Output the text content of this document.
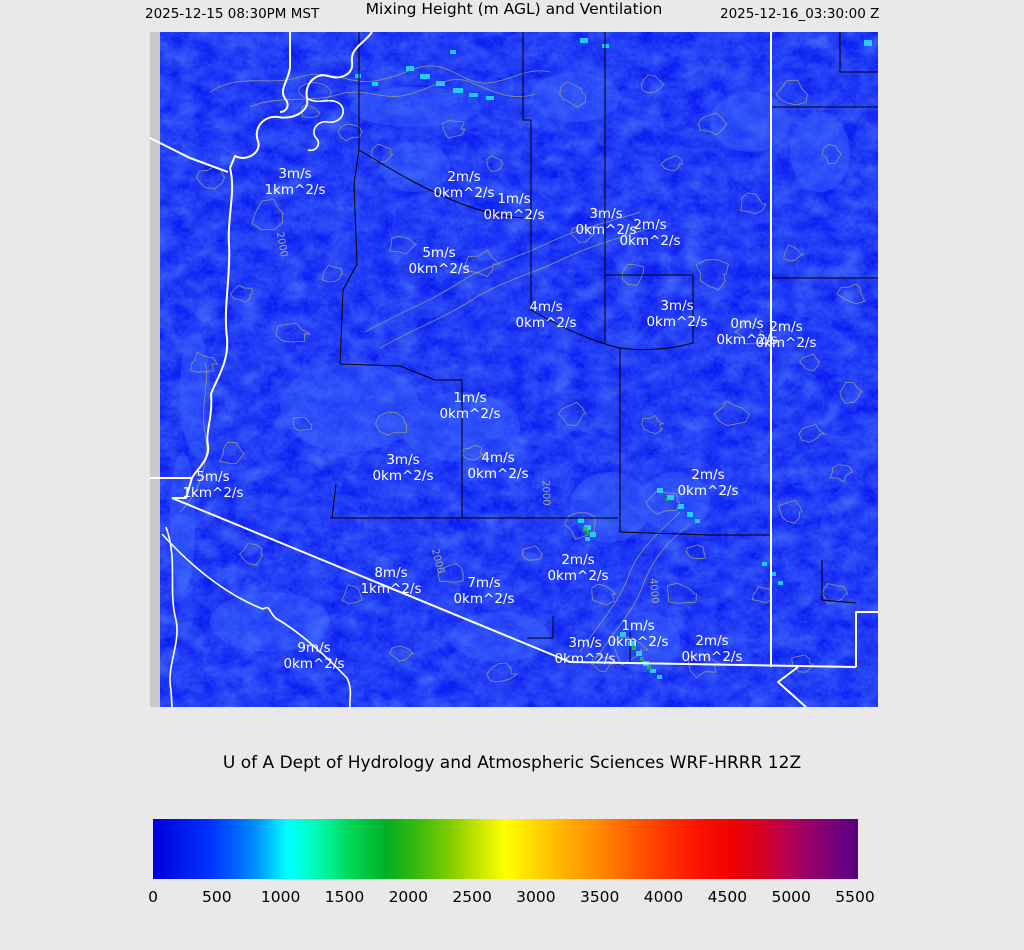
2025-12-15 08:30PM MST	Mixing Height (m AGL) and Ventilation	2025-12-16_03:30:00 Z
2000
2000
2000
4000
3m/s 1km^2/s
2m/s 0km^2/s 1m/s 0km^2/s
5m/s 0km^2/s
3m/s 0km^2/s
2m/s 0km^2/s
4m/s 0km^2/s
3m/s 0km^2/s	0m/s 0km^2/s
2m/s 0km^2/s
1m/s 0km^2/s
3m/s 0km^2/s
4m/s 0km^2/s
5m/s 1km^2/s
2m/s 0km^2/s
8m/s 1km^2/s	7m/s 0km^2/s
2m/s 0km^2/s
9m/s 0km^2/s
3m/s 0km^2/s
1m/s 0km^2/s	2m/s 0km^2/s
U of A Dept of Hydrology and Atmospheric Sciences WRF-HRRR 12Z
0	500 1000 1500 2000 2500 3000 3500 4000 4500 5000 5500
